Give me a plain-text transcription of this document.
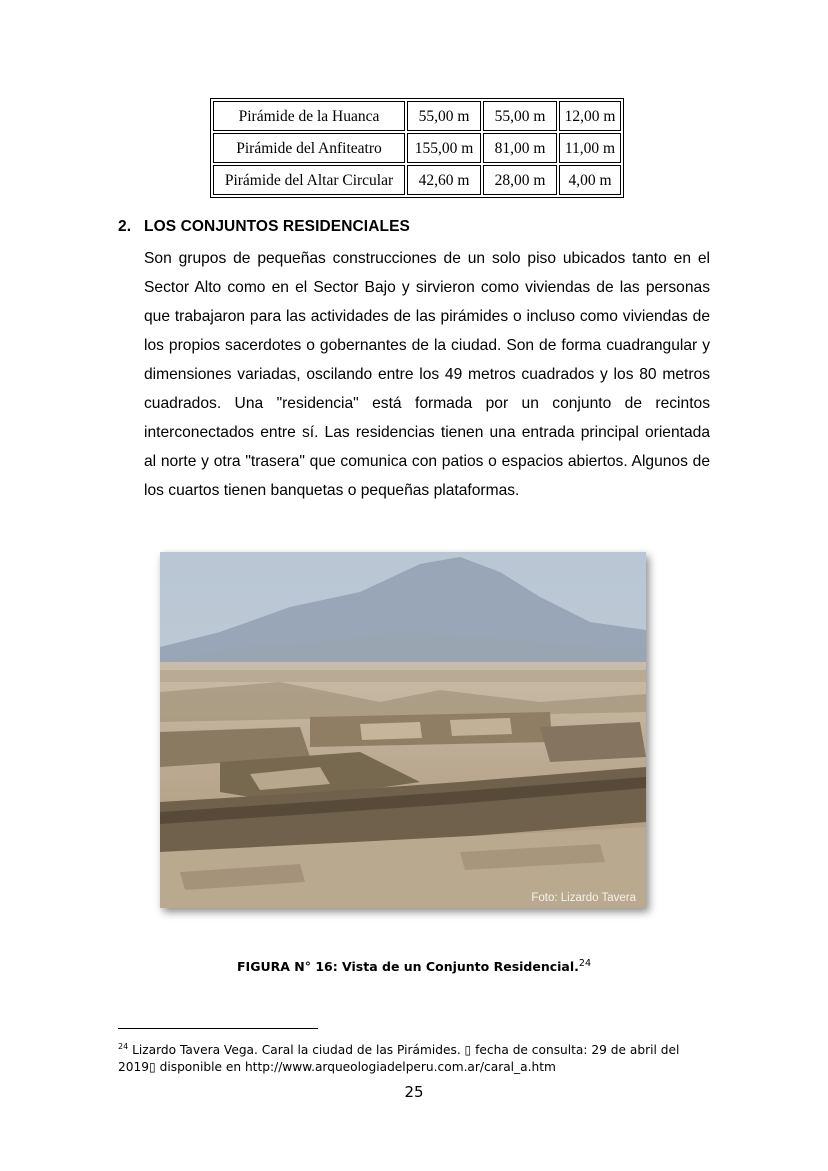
Pirámide de la Huanca	55,00 m	55,00 m	12,00 m
Pirámide del Anfiteatro	155,00 m	81,00 m	11,00 m
Pirámide del Altar Circular	42,60 m	28,00 m	4,00 m
2. LOS CONJUNTOS RESIDENCIALES

Son grupos de pequeñas construcciones de un solo piso ubicados tanto en el Sector Alto como en el Sector Bajo y sirvieron como viviendas de las personas que trabajaron para las actividades de las pirámides o incluso como viviendas de los propios sacerdotes o gobernantes de la ciudad. Son de forma cuadrangular y dimensiones variadas, oscilando entre los 49 metros cuadrados y los 80 metros cuadrados. Una "residencia" está formada por un conjunto de recintos interconectados entre sí. Las residencias tienen una entrada principal orientada al norte y otra "trasera" que comunica con patios o espacios abiertos. Algunos de los cuartos tienen banquetas o pequeñas plataformas.

Foto: Lizardo Tavera
FIGURA N° 16: Vista de un Conjunto Residencial.$^{24}$
$^{24}$ Lizardo Tavera Vega. Caral la ciudad de las Pirámides. ▯ fecha de consulta: 29 de abril del 2019▯ disponible en http://www.arqueologiadelperu.com.ar/caral_a.htm
25
